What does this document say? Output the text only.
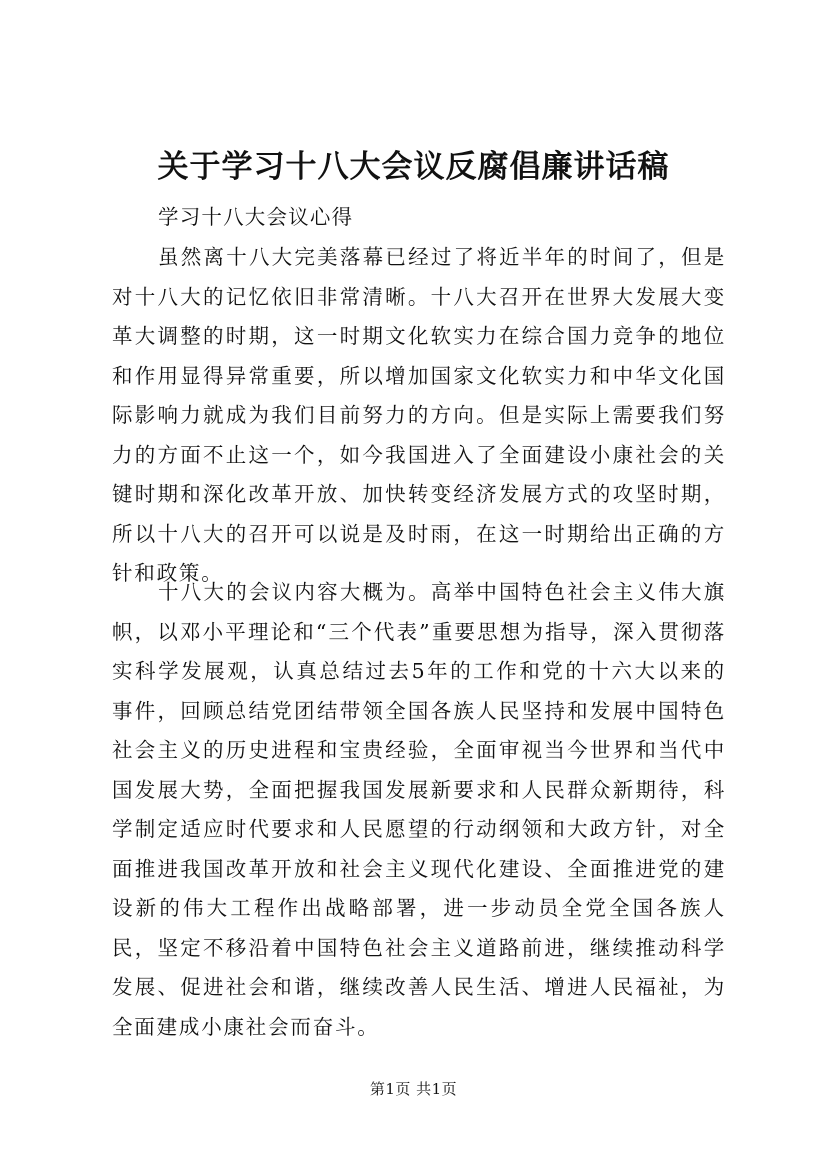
关于学习十八大会议反腐倡廉讲话稿

学习十八大会议心得

虽然离十八大完美落幕已经过了将近半年的时间了，但是对十八大的记忆依旧非常清晰。十八大召开在世界大发展大变革大调整的时期，这一时期文化软实力在综合国力竞争的地位和作用显得异常重要，所以增加国家文化软实力和中华文化国际影响力就成为我们目前努力的方向。但是实际上需要我们努力的方面不止这一个，如今我国进入了全面建设小康社会的关键时期和深化改革开放、加快转变经济发展方式的攻坚时期，所以十八大的召开可以说是及时雨，在这一时期给出正确的方针和政策。

十八大的会议内容大概为。高举中国特色社会主义伟大旗帜，以邓小平理论和“三个代表”重要思想为指导，深入贯彻落实科学发展观，认真总结过去5年的工作和党的十六大以来的事件，回顾总结党团结带领全国各族人民坚持和发展中国特色社会主义的历史进程和宝贵经验，全面审视当今世界和当代中国发展大势，全面把握我国发展新要求和人民群众新期待，科学制定适应时代要求和人民愿望的行动纲领和大政方针，对全面推进我国改革开放和社会主义现代化建设、全面推进党的建设新的伟大工程作出战略部署，进一步动员全党全国各族人民，坚定不移沿着中国特色社会主义道路前进，继续推动科学发展、促进社会和谐，继续改善人民生活、增进人民福祉，为全面建成小康社会而奋斗。

第1页 共1页
